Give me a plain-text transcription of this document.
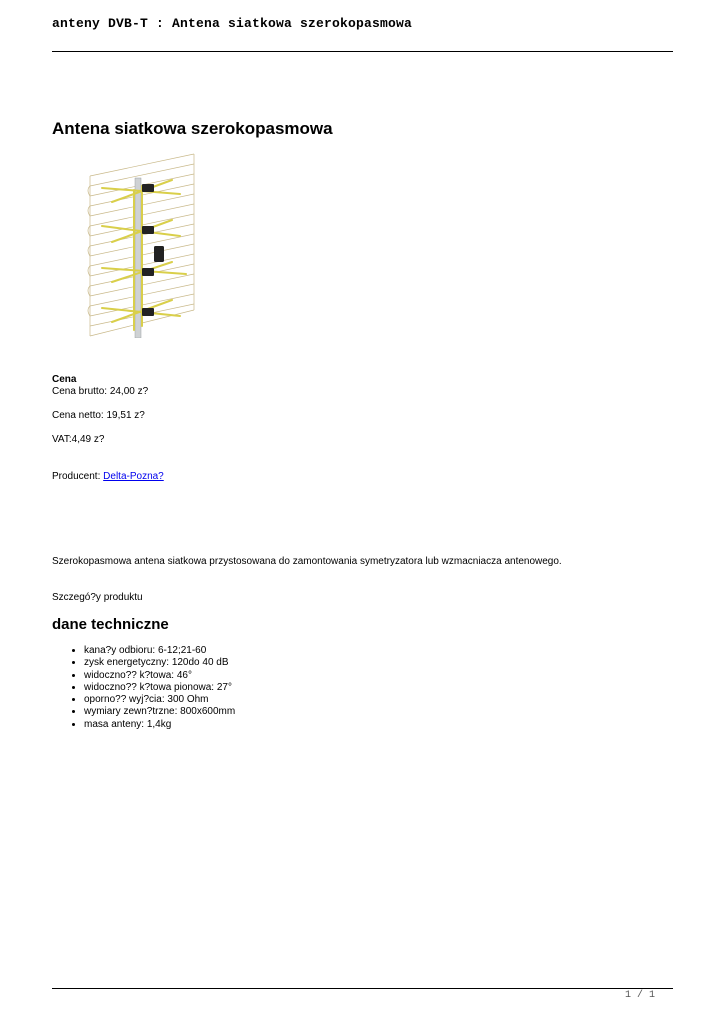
anteny DVB-T : Antena siatkowa szerokopasmowa
Antena siatkowa szerokopasmowa

Cena

Cena brutto: 24,00 z?

Cena netto: 19,51 z?

VAT:4,49 z?

Producent: Delta-Pozna?

Szerokopasmowa antena siatkowa przystosowana do zamontowania symetryzatora lub wzmacniacza antenowego.

Szczegó?y produktu

dane techniczne
• kana?y odbioru: 6-12;21-60
• zysk energetyczny: 120do 40 dB
• widoczno?? k?towa: 46°
• widoczno?? k?towa pionowa: 27°
• oporno?? wyj?cia: 300 Ohm
• wymiary zewn?trzne: 800x600mm
• masa anteny: 1,4kg
1 / 1
